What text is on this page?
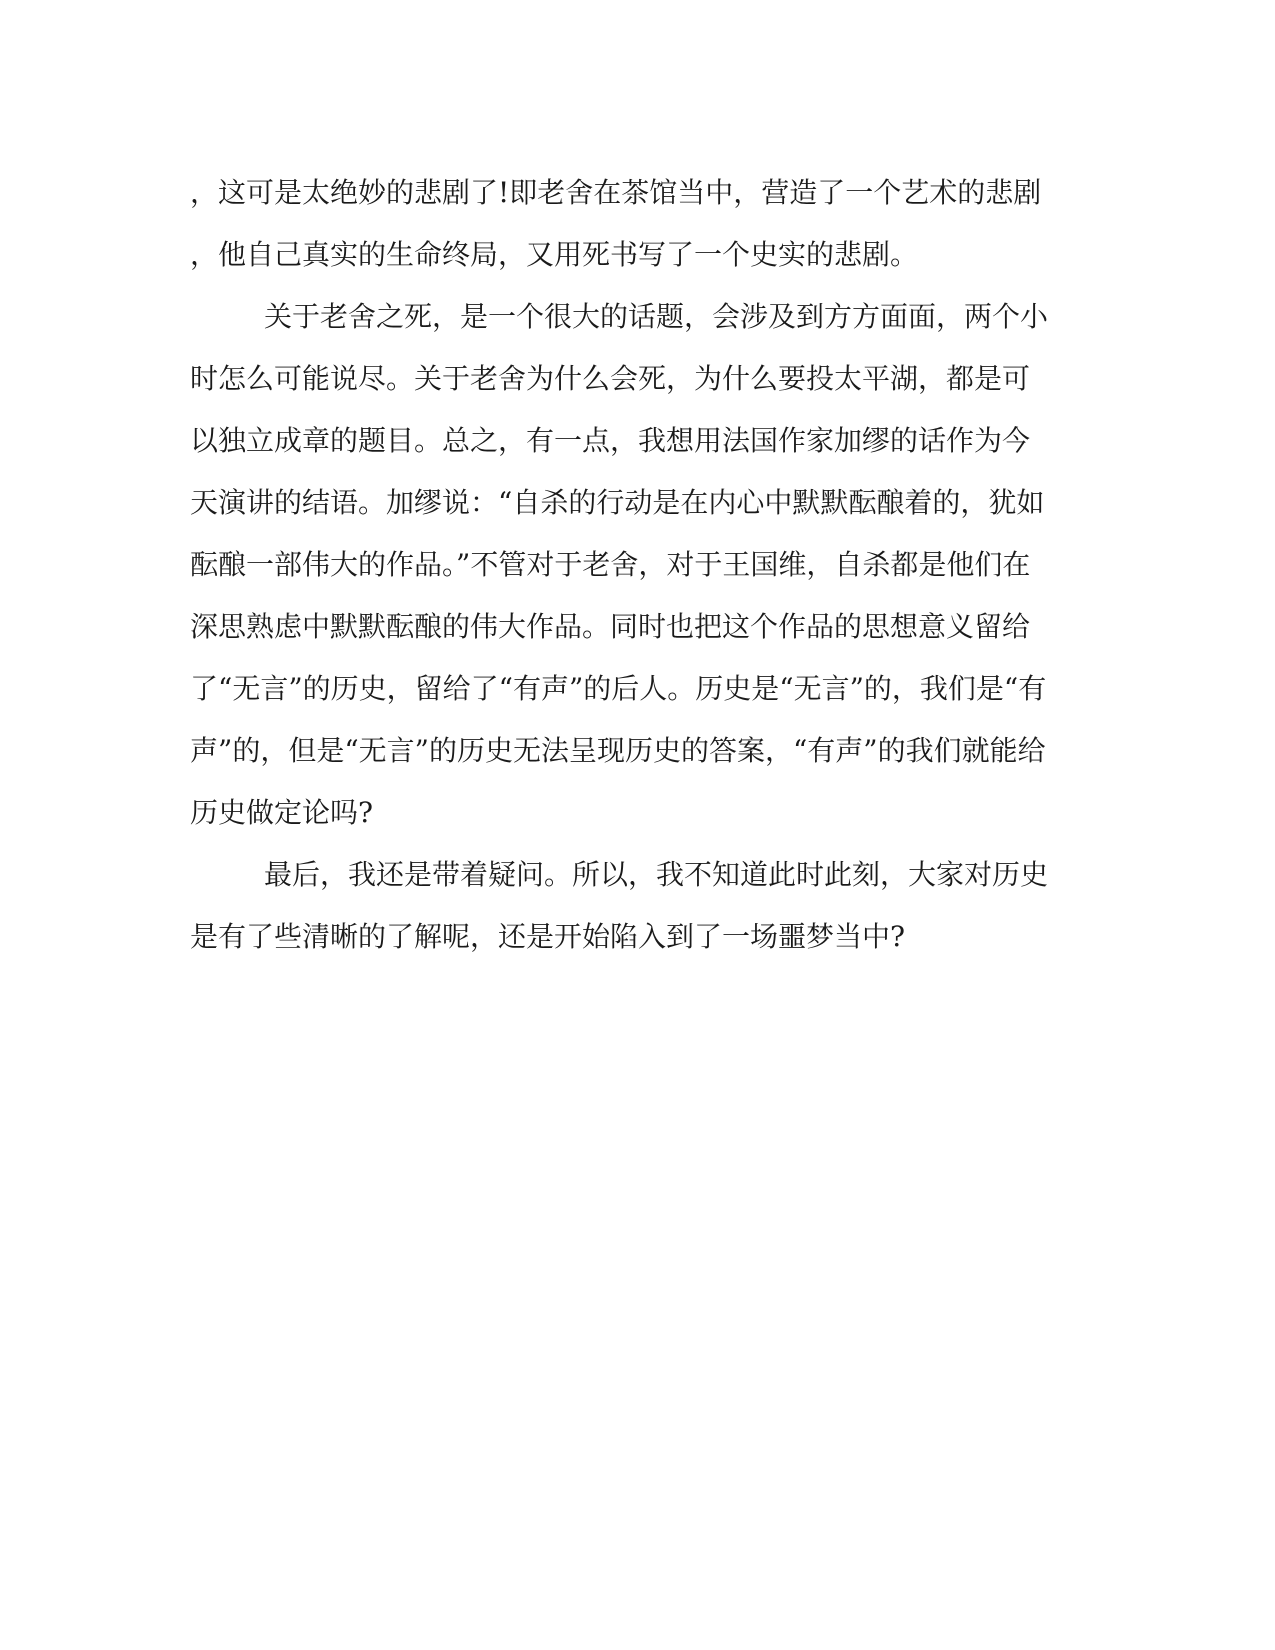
，这可是太绝妙的悲剧了!即老舍在茶馆当中，营造了一个艺术的悲剧
，他自己真实的生命终局，又用死书写了一个史实的悲剧。
关于老舍之死，是一个很大的话题，会涉及到方方面面，两个小
时怎么可能说尽。关于老舍为什么会死，为什么要投太平湖，都是可
以独立成章的题目。总之，有一点，我想用法国作家加缪的话作为今
天演讲的结语。加缪说：“自杀的行动是在内心中默默酝酿着的，犹如
酝酿一部伟大的作品。”不管对于老舍，对于王国维，自杀都是他们在
深思熟虑中默默酝酿的伟大作品。同时也把这个作品的思想意义留给
了“无言”的历史，留给了“有声”的后人。历史是“无言”的，我们是“有
声”的，但是“无言”的历史无法呈现历史的答案，“有声”的我们就能给
历史做定论吗?
最后，我还是带着疑问。所以，我不知道此时此刻，大家对历史
是有了些清晰的了解呢，还是开始陷入到了一场噩梦当中?
